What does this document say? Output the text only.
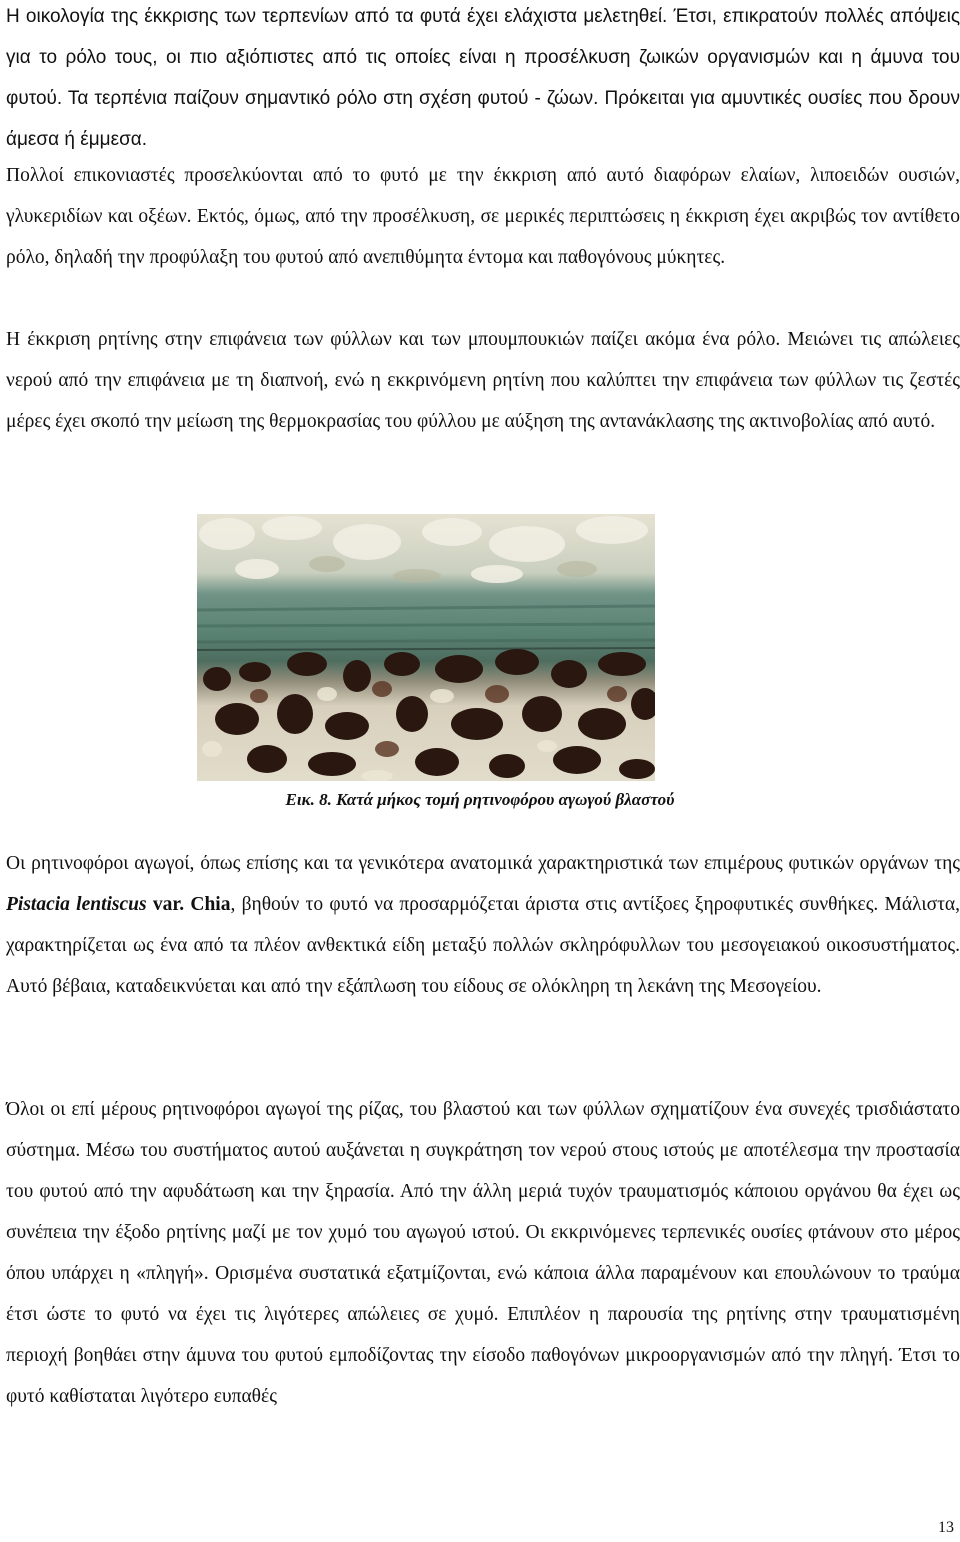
Η οικολογία της έκκρισης των τερπενίων από τα φυτά έχει ελάχιστα μελετηθεί. Έτσι, επικρατούν πολλές απόψεις για το ρόλο τους, οι πιο αξιόπιστες από τις οποίες είναι η προσέλκυση ζωικών οργανισμών και η άμυνα του φυτού. Τα τερπένια παίζουν σημαντικό ρόλο στη σχέση φυτού - ζώων. Πρόκειται για αμυντικές ουσίες που δρουν άμεσα ή έμμεσα.

Πολλοί επικονιαστές προσελκύονται από το φυτό με την έκκριση από αυτό διαφόρων ελαίων, λιποειδών ουσιών, γλυκεριδίων και οξέων. Εκτός, όμως, από την προσέλκυση, σε μερικές περιπτώσεις η έκκριση έχει ακριβώς τον αντίθετο ρόλο, δηλαδή την προφύλαξη του φυτού από ανεπιθύμητα έντομα και παθογόνους μύκητες.

Η έκκριση ρητίνης στην επιφάνεια των φύλλων και των μπουμπουκιών παίζει ακόμα ένα ρόλο. Μειώνει τις απώλειες νερού από την επιφάνεια με τη διαπνοή, ενώ η εκκρινόμενη ρητίνη που καλύπτει την επιφάνεια των φύλλων τις ζεστές μέρες έχει σκοπό την μείωση της θερμοκρασίας του φύλλου με αύξηση της αντανάκλασης της ακτινοβολίας από αυτό.

Εικ. 8. Κατά μήκος τομή ρητινοφόρου αγωγού βλαστού

Οι ρητινοφόροι αγωγοί, όπως επίσης και τα γενικότερα ανατομικά χαρακτηριστικά των επιμέρους φυτικών οργάνων της Pistacia lentiscus var. Chia, βηθούν το φυτό να προσαρμόζεται άριστα στις αντίξοες ξηροφυτικές συνθήκες. Μάλιστα, χαρακτηρίζεται ως ένα από τα πλέον ανθεκτικά είδη μεταξύ πολλών σκληρόφυλλων του μεσογειακού οικοσυστήματος. Αυτό βέβαια, καταδεικνύεται και από την εξάπλωση του είδους σε ολόκληρη τη λεκάνη της Μεσογείου.

Όλοι οι επί μέρους ρητινοφόροι αγωγοί της ρίζας, του βλαστού και των φύλλων σχηματίζουν ένα συνεχές τρισδιάστατο σύστημα. Μέσω του συστήματος αυτού αυξάνεται η συγκράτηση τον νερού στους ιστούς με αποτέλεσμα την προστασία του φυτού από την αφυδάτωση και την ξηρασία. Από την άλλη μεριά τυχόν τραυματισμός κάποιου οργάνου θα έχει ως συνέπεια την έξοδο ρητίνης μαζί με τον χυμό του αγωγού ιστού. Οι εκκρινόμενες τερπενικές ουσίες φτάνουν στο μέρος όπου υπάρχει η «πληγή». Ορισμένα συστατικά εξατμίζονται, ενώ κάποια άλλα παραμένουν και επουλώνουν το τραύμα έτσι ώστε το φυτό να έχει τις λιγότερες απώλειες σε χυμό. Επιπλέον η παρουσία της ρητίνης στην τραυματισμένη περιοχή βοηθάει στην άμυνα του φυτού εμποδίζοντας την είσοδο παθογόνων μικροοργανισμών από την πληγή. Έτσι το φυτό καθίσταται λιγότερο ευπαθές

13
